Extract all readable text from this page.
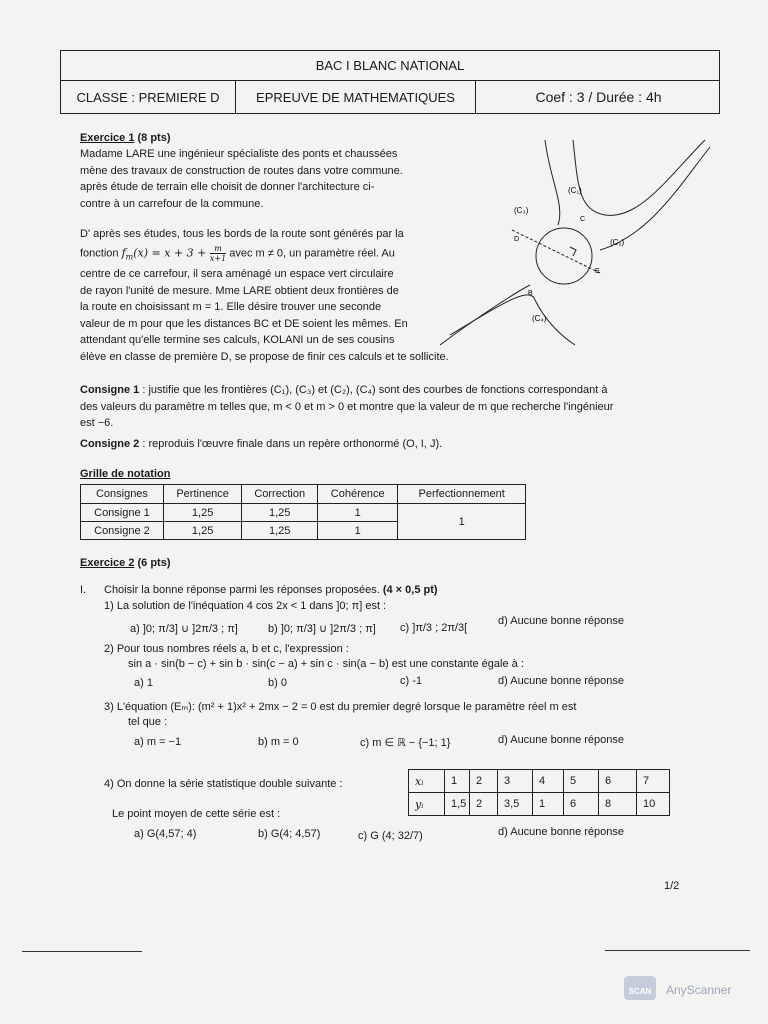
BAC I BLANC NATIONAL
CLASSE : PREMIERE D	EPREUVE DE MATHEMATIQUES	Coef : 3 / Durée : 4h
Exercice 1 (8 pts)
Madame LARE une ingénieur spécialiste des ponts et chaussées
mène des travaux de construction de routes dans votre commune.
après étude de terrain elle choisit de donner l'architecture ci-
contre à un carrefour de la commune.
D' après ses études, tous les bords de la route sont générés par la
fonction $f_m(x) = x + 3 + \frac{m}{x+1}$ avec m ≠ 0, un paramètre réel. Au
centre de ce carrefour, il sera aménagé un espace vert circulaire
de rayon l'unité de mesure. Mme LARE obtient deux frontières de
la route en choisissant m = 1. Elle désire trouver une seconde
valeur de m pour que les distances BC et DE soient les mêmes. En
attendant qu'elle termine ses calculs, KOLANI un de ses cousins
élève en classe de première D, se propose de finir ces calculs et te sollicite.
(C₁)
(C₃)
(C₂)
(C₄)
C
D
B
E
Consigne 1 : justifie que les frontières (C₁), (C₃) et (C₂), (C₄) sont des courbes de fonctions correspondant à
des valeurs du paramètre m telles que, m < 0 et m > 0 et montre que la valeur de m que recherche l'ingénieur
est −6.
Consigne 2 : reproduis l'œuvre finale dans un repère orthonormé (O, I, J).
Grille de notation
Consignes	Pertinence	Correction	Cohérence	Perfectionnement
Consigne 1	1,25	1,25	1	1
Consigne 2	1,25	1,25	1	
Exercice 2 (6 pts)
I. Choisir la bonne réponse parmi les réponses proposées. (4 × 0,5 pt)
1) La solution de l'inéquation 4 cos 2x < 1 dans ]0; π] est :
a) ]0; π/3] ∪ ]2π/3 ; π]	b) ]0; π/3] ∪ ]2π/3 ; π] c) ]π/3 ; 2π/3[
d) Aucune bonne réponse
2) Pour tous nombres réels a, b et c, l'expression :
sin a · sin(b − c) + sin b · sin(c − a) + sin c · sin(a − b) est une constante égale à :
a) 1	b) 0	c) -1	d) Aucune bonne réponse
3) L'équation (Eₘ): (m² + 1)x² + 2mx − 2 = 0 est du premier degré lorsque le paramètre réel m est
tel que :
a) m = −1	b) m = 0	c) m ∈ ℝ − {−1; 1}	d) Aucune bonne réponse
4) On donne la série statistique double suivante :	xᵢ	1	2	3	4	5	6	7
yᵢ	1,5	2	3,5	1	6	8	10
Le point moyen de cette série est :
a) G(4,57; 4)	b) G(4; 4,57)	c) G (4; 32/7)	d) Aucune bonne réponse
1/2
SCAN	AnyScanner
